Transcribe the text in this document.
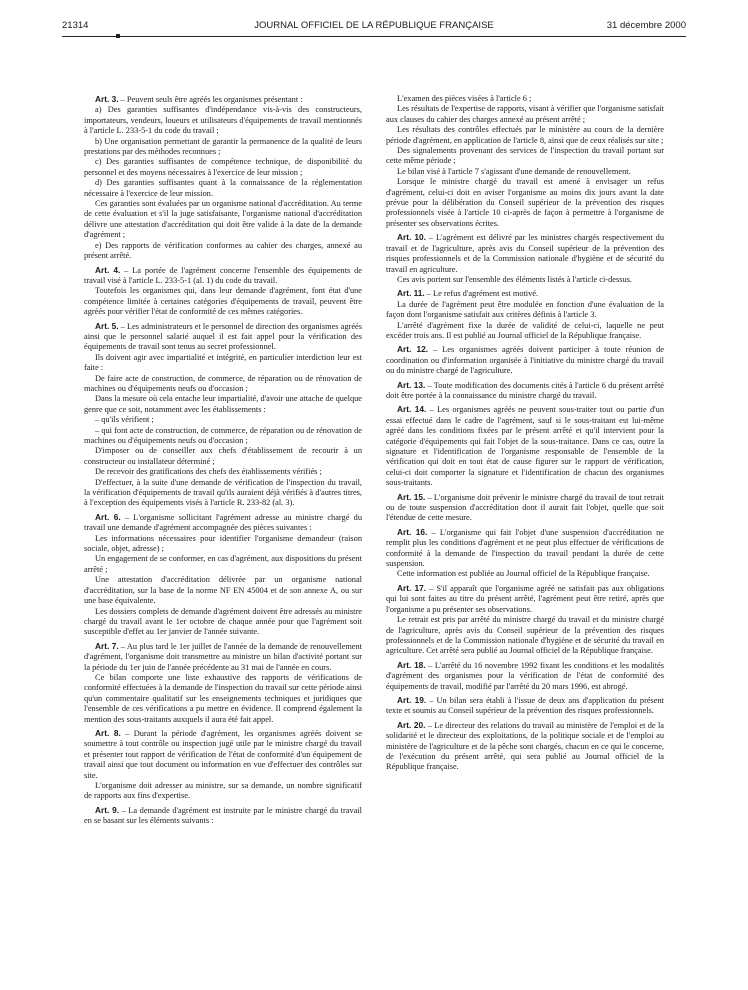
21314	JOURNAL OFFICIEL DE LA RÉPUBLIQUE FRANÇAISE	31 décembre 2000

Art. 3. – Peuvent seuls être agréés les organismes présentant :

a) Des garanties suffisantes d'indépendance vis-à-vis des constructeurs, importateurs, vendeurs, loueurs et utilisateurs d'équipements de travail mentionnés à l'article L. 233-5-1 du code du travail ;

b) Une organisation permettant de garantir la permanence de la qualité de leurs prestations par des méthodes reconnues ;

c) Des garanties suffisantes de compétence technique, de disponibilité du personnel et des moyens nécessaires à l'exercice de leur mission ;

d) Des garanties suffisantes quant à la connaissance de la réglementation nécessaire à l'exercice de leur mission.

Ces garanties sont évaluées par un organisme national d'accréditation. Au terme de cette évaluation et s'il la juge satisfaisante, l'organisme national d'accréditation délivre une attestation d'accréditation qui doit être valide à la date de la demande d'agrément ;

e) Des rapports de vérification conformes au cahier des charges, annexé au présent arrêté.

Art. 4. – La portée de l'agrément concerne l'ensemble des équipements de travail visé à l'article L. 233-5-1 (al. 1) du code du travail.

Toutefois les organismes qui, dans leur demande d'agrément, font état d'une compétence limitée à certaines catégories d'équipements de travail, peuvent être agréés pour vérifier l'état de conformité de ces mêmes catégories.

Art. 5. – Les administrateurs et le personnel de direction des organismes agréés ainsi que le personnel salarié auquel il est fait appel pour la vérification des équipements de travail sont tenus au secret professionnel.

Ils doivent agir avec impartialité et intégrité, en particulier interdiction leur est faite :

De faire acte de construction, de commerce, de réparation ou de rénovation de machines ou d'équipements neufs ou d'occasion ;

Dans la mesure où cela entache leur impartialité, d'avoir une attache de quelque genre que ce soit, notamment avec les établissements :

– qu'ils vérifient ;

– qui font acte de construction, de commerce, de réparation ou de rénovation de machines ou d'équipements neufs ou d'occasion ;

D'imposer ou de conseiller aux chefs d'établissement de recourir à un constructeur ou installateur déterminé ;

De recevoir des gratifications des chefs des établissements vérifiés ;

D'effectuer, à la suite d'une demande de vérification de l'inspection du travail, la vérification d'équipements de travail qu'ils auraient déjà vérifiés à d'autres titres, à l'exception des équipements visés à l'article R. 233-82 (al. 3).

Art. 6. – L'organisme sollicitant l'agrément adresse au ministre chargé du travail une demande d'agrément accompagnée des pièces suivantes :

Les informations nécessaires pour identifier l'organisme demandeur (raison sociale, objet, adresse) ;

Un engagement de se conformer, en cas d'agrément, aux dispositions du présent arrêté ;

Une attestation d'accréditation délivrée par un organisme national d'accréditation, sur la base de la norme NF EN 45004 et de son annexe A, ou sur une base équivalente.

Les dossiers complets de demande d'agrément doivent être adressés au ministre chargé du travail avant le 1er octobre de chaque année pour que l'agrément soit susceptible d'effet au 1er janvier de l'année suivante.

Art. 7. – Au plus tard le 1er juillet de l'année de la demande de renouvellement d'agrément, l'organisme doit transmettre au ministre un bilan d'activité portant sur la période du 1er juin de l'année précédente au 31 mai de l'année en cours.

Ce bilan comporte une liste exhaustive des rapports de vérifications de conformité effectuées à la demande de l'inspection du travail sur cette période ainsi qu'un commentaire qualitatif sur les enseignements techniques et juridiques que l'ensemble de ces vérifications a pu mettre en évidence. Il comprend également la mention des sous-traitants auxquels il aura été fait appel.

Art. 8. – Durant la période d'agrément, les organismes agréés doivent se soumettre à tout contrôle ou inspection jugé utile par le ministre chargé du travail et présenter tout rapport de vérification de l'état de conformité d'un équipement de travail ainsi que tout document ou information en vue d'effectuer des contrôles sur site.

L'organisme doit adresser au ministre, sur sa demande, un nombre significatif de rapports aux fins d'expertise.

Art. 9. – La demande d'agrément est instruite par le ministre chargé du travail en se basant sur les éléments suivants :

L'examen des pièces visées à l'article 6 ;

Les résultats de l'expertise de rapports, visant à vérifier que l'organisme satisfait aux clauses du cahier des charges annexé au présent arrêté ;

Les résultats des contrôles effectués par le ministère au cours de la dernière période d'agrément, en application de l'article 8, ainsi que de ceux réalisés sur site ;

Des signalements provenant des services de l'inspection du travail portant sur cette même période ;

Le bilan visé à l'article 7 s'agissant d'une demande de renouvellement.

Lorsque le ministre chargé du travail est amené à envisager un refus d'agrément, celui-ci doit en aviser l'organisme au moins dix jours avant la date prévue pour la délibération du Conseil supérieur de la prévention des risques professionnels visée à l'article 10 ci-après de façon à permettre à l'organisme de présenter ses observations écrites.

Art. 10. – L'agrément est délivré par les ministres chargés respectivement du travail et de l'agriculture, après avis du Conseil supérieur de la prévention des risques professionnels et de la Commission nationale d'hygiène et de sécurité du travail en agriculture.

Ces avis portent sur l'ensemble des éléments listés à l'article ci-dessus.

Art. 11. – Le refus d'agrément est motivé.

La durée de l'agrément peut être modulée en fonction d'une évaluation de la façon dont l'organisme satisfait aux critères définis à l'article 3.

L'arrêté d'agrément fixe la durée de validité de celui-ci, laquelle ne peut excéder trois ans. Il est publié au Journal officiel de la République française.

Art. 12. – Les organismes agréés doivent participer à toute réunion de coordination ou d'information organisée à l'initiative du ministre chargé du travail ou du ministre chargé de l'agriculture.

Art. 13. – Toute modification des documents cités à l'article 6 du présent arrêté doit être portée à la connaissance du ministre chargé du travail.

Art. 14. – Les organismes agréés ne peuvent sous-traiter tout ou partie d'un essai effectué dans le cadre de l'agrément, sauf si le sous-traitant est lui-même agréé dans les conditions fixées par le présent arrêté et qu'il intervient pour la catégorie d'équipements qui fait l'objet de la sous-traitance. Dans ce cas, outre la signature et l'identification de l'organisme responsable de l'ensemble de la vérification qui doit en tout état de cause figurer sur le rapport de vérification, celui-ci doit comporter la signature et l'identification de chacun des organismes sous-traitants.

Art. 15. – L'organisme doit prévenir le ministre chargé du travail de tout retrait ou de toute suspension d'accréditation dont il aurait fait l'objet, quelle que soit l'étendue de cette mesure.

Art. 16. – L'organisme qui fait l'objet d'une suspension d'accréditation ne remplit plus les conditions d'agrément et ne peut plus effectuer de vérifications de conformité à la demande de l'inspection du travail pendant la durée de cette suspension.

Cette information est publiée au Journal officiel de la République française.

Art. 17. – S'il apparaît que l'organisme agréé ne satisfait pas aux obligations qui lui sont faites au titre du présent arrêté, l'agrément peut être retiré, après que l'organisme a pu présenter ses observations.

Le retrait est pris par arrêté du ministre chargé du travail et du ministre chargé de l'agriculture, après avis du Conseil supérieur de la prévention des risques professionnels et de la Commission nationale d'hygiène et de sécurité du travail en agriculture. Cet arrêté sera publié au Journal officiel de la République française.

Art. 18. – L'arrêté du 16 novembre 1992 fixant les conditions et les modalités d'agrément des organismes pour la vérification de l'état de conformité des équipements de travail, modifié par l'arrêté du 20 mars 1996, est abrogé.

Art. 19. – Un bilan sera établi à l'issue de deux ans d'application du présent texte et soumis au Conseil supérieur de la prévention des risques professionnels.

Art. 20. – Le directeur des relations du travail au ministère de l'emploi et de la solidarité et le directeur des exploitations, de la politique sociale et de l'emploi au ministère de l'agriculture et de la pêche sont chargés, chacun en ce qui le concerne, de l'exécution du présent arrêté, qui sera publié au Journal officiel de la République française.
